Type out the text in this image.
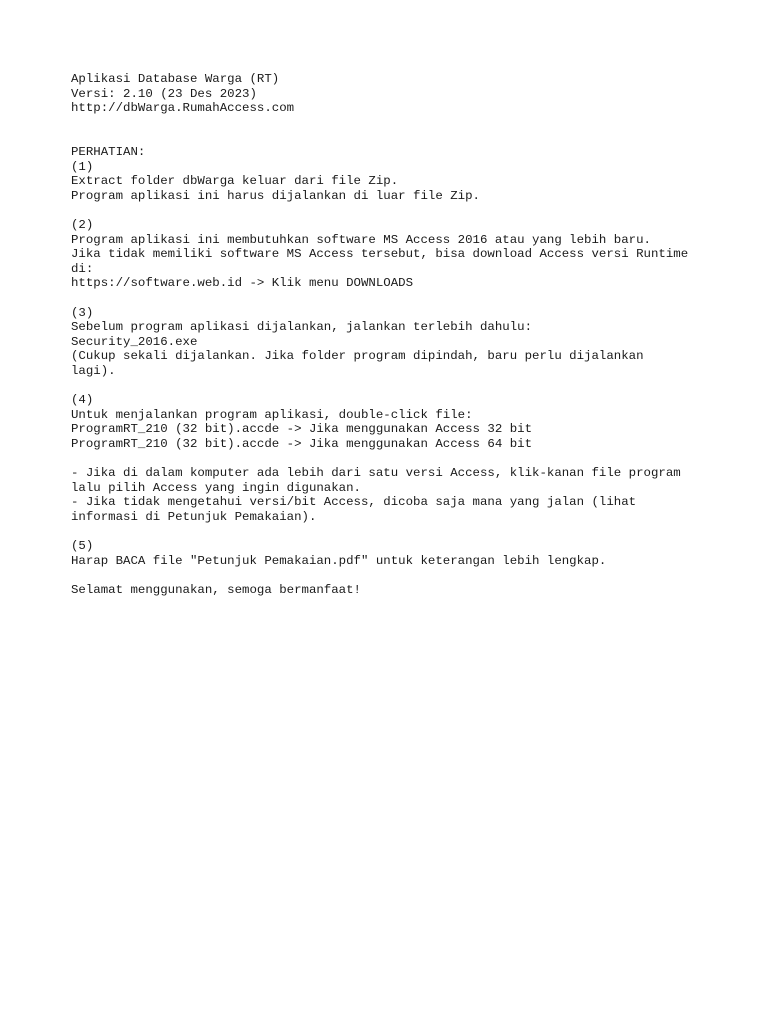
Aplikasi Database Warga (RT)
Versi: 2.10 (23 Des 2023)
http://dbWarga.RumahAccess.com
PERHATIAN:
(1)
Extract folder dbWarga keluar dari file Zip.
Program aplikasi ini harus dijalankan di luar file Zip.
(2)
Program aplikasi ini membutuhkan software MS Access 2016 atau yang lebih baru.
Jika tidak memiliki software MS Access tersebut, bisa download Access versi Runtime
di:
https://software.web.id -> Klik menu DOWNLOADS
(3)
Sebelum program aplikasi dijalankan, jalankan terlebih dahulu:
Security_2016.exe
(Cukup sekali dijalankan. Jika folder program dipindah, baru perlu dijalankan
lagi).
(4)
Untuk menjalankan program aplikasi, double-click file:
ProgramRT_210 (32 bit).accde -> Jika menggunakan Access 32 bit
ProgramRT_210 (32 bit).accde -> Jika menggunakan Access 64 bit
- Jika di dalam komputer ada lebih dari satu versi Access, klik-kanan file program
lalu pilih Access yang ingin digunakan.
- Jika tidak mengetahui versi/bit Access, dicoba saja mana yang jalan (lihat
informasi di Petunjuk Pemakaian).
(5)
Harap BACA file "Petunjuk Pemakaian.pdf" untuk keterangan lebih lengkap.
Selamat menggunakan, semoga bermanfaat!
